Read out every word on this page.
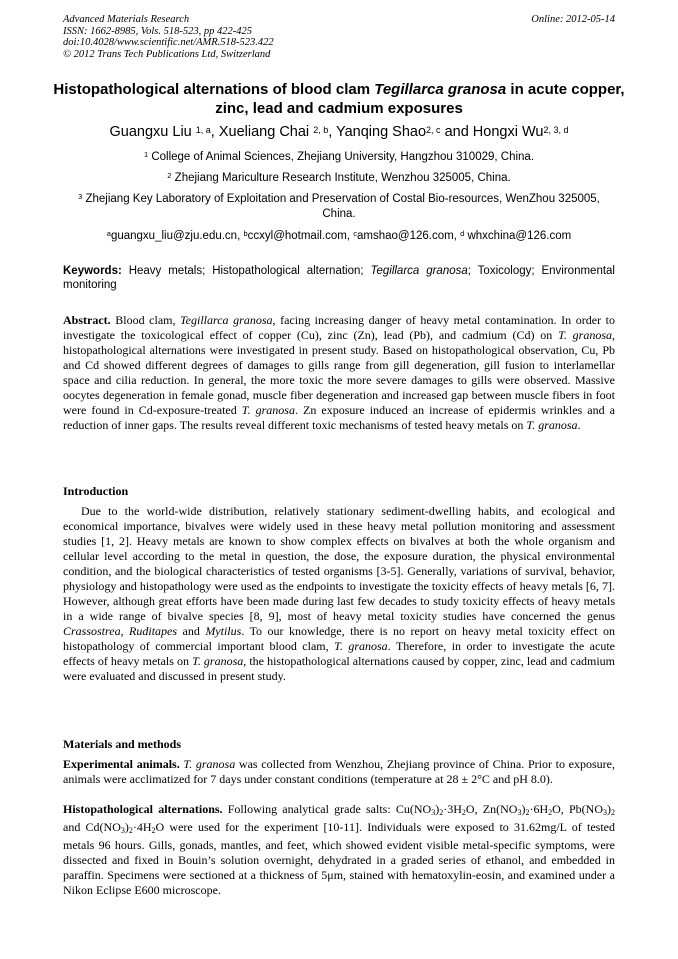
Advanced Materials Research
ISSN: 1662-8985, Vols. 518-523, pp 422-425
doi:10.4028/www.scientific.net/AMR.518-523.422
© 2012 Trans Tech Publications Ltd, Switzerland
Online: 2012-05-14
Histopathological alternations of blood clam Tegillarca granosa in acute copper, zinc, lead and cadmium exposures
Guangxu Liu $^{1, a}$, Xueliang Chai $^{2, b}$, Yanqing Shao$^{2, c}$ and Hongxi Wu$^{2, 3, d}$
$^1$ College of Animal Sciences, Zhejiang University, Hangzhou 310029, China.
$^2$ Zhejiang Mariculture Research Institute, Wenzhou 325005, China.
$^3$ Zhejiang Key Laboratory of Exploitation and Preservation of Costal Bio-resources, WenZhou 325005, China.
$^a$guangxu_liu@zju.edu.cn, $^b$ccxyl@hotmail.com, $^c$amshao@126.com, $^d$ whxchina@126.com
Keywords: Heavy metals; Histopathological alternation; Tegillarca granosa; Toxicology; Environmental monitoring
Abstract. Blood clam, Tegillarca granosa, facing increasing danger of heavy metal contamination. In order to investigate the toxicological effect of copper (Cu), zinc (Zn), lead (Pb), and cadmium (Cd) on T. granosa, histopathological alternations were investigated in present study. Based on histopathological observation, Cu, Pb and Cd showed different degrees of damages to gills range from gill degeneration, gill fusion to interlamellar space and cilia reduction. In general, the more toxic the more severe damages to gills were observed. Massive oocytes degeneration in female gonad, muscle fiber degeneration and increased gap between muscle fibers in foot were found in Cd-exposure-treated T. granosa. Zn exposure induced an increase of epidermis wrinkles and a reduction of inner gaps. The results reveal different toxic mechanisms of tested heavy metals on T. granosa.
Introduction
Due to the world-wide distribution, relatively stationary sediment-dwelling habits, and ecological and economical importance, bivalves were widely used in these heavy metal pollution monitoring and assessment studies [1, 2]. Heavy metals are known to show complex effects on bivalves at both the whole organism and cellular level according to the metal in question, the dose, the exposure duration, the physical environmental condition, and the biological characteristics of tested organisms [3-5]. Generally, variations of survival, behavior, physiology and histopathology were used as the endpoints to investigate the toxicity effects of heavy metals [6, 7]. However, although great efforts have been made during last few decades to study toxicity effects of heavy metals in a wide range of bivalve species [8, 9], most of heavy metal toxicity studies have concerned the genus Crassostrea, Ruditapes and Mytilus. To our knowledge, there is no report on heavy metal toxicity effect on histopathology of commercial important blood clam, T. granosa. Therefore, in order to investigate the acute effects of heavy metals on T. granosa, the histopathological alternations caused by copper, zinc, lead and cadmium were evaluated and discussed in present study.
Materials and methods
Experimental animals. T. granosa was collected from Wenzhou, Zhejiang province of China. Prior to exposure, animals were acclimatized for 7 days under constant conditions (temperature at 28 ± 2°C and pH 8.0).
Histopathological alternations. Following analytical grade salts: $Cu(NO_3)_2\cdot 3H_2O$, $Zn(NO_3)_2\cdot 6H_2O$, $Pb(NO_3)_2$ and $Cd(NO_3)_2\cdot 4H_2O$ were used for the experiment [10-11]. Individuals were exposed to 31.62mg/L of tested metals 96 hours. Gills, gonads, mantles, and feet, which showed evident visible metal-specific symptoms, were dissected and fixed in Bouin’s solution overnight, dehydrated in a graded series of ethanol, and embedded in paraffin. Specimens were sectioned at a thickness of 5μm, stained with hematoxylin-eosin, and examined under a Nikon Eclipse E600 microscope.
